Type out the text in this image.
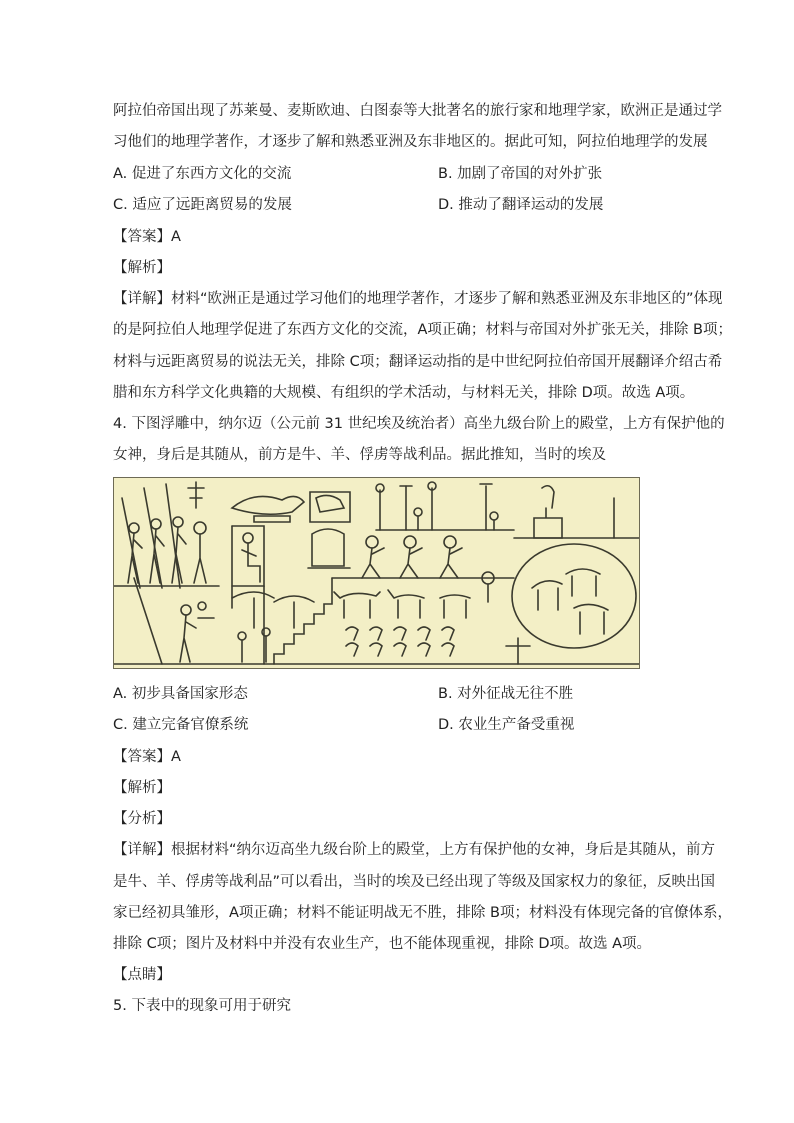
阿拉伯帝国出现了苏莱曼、麦斯欧迪、白图泰等大批著名的旅行家和地理学家，欧洲正是通过学
习他们的地理学著作，才逐步了解和熟悉亚洲及东非地区的。据此可知，阿拉伯地理学的发展
A. 促进了东西方文化的交流	B. 加剧了帝国的对外扩张
C. 适应了远距离贸易的发展	D. 推动了翻译运动的发展
【答案】A
【解析】
【详解】材料“欧洲正是通过学习他们的地理学著作，才逐步了解和熟悉亚洲及东非地区的”体现
的是阿拉伯人地理学促进了东西方文化的交流，A项正确；材料与帝国对外扩张无关，排除 B项；
材料与远距离贸易的说法无关，排除 C项；翻译运动指的是中世纪阿拉伯帝国开展翻译介绍古希
腊和东方科学文化典籍的大规模、有组织的学术活动，与材料无关，排除 D项。故选 A项。
4. 下图浮雕中，纳尔迈（公元前 31 世纪埃及统治者）高坐九级台阶上的殿堂，上方有保护他的
女神，身后是其随从，前方是牛、羊、俘虏等战利品。据此推知，当时的埃及
A. 初步具备国家形态	B. 对外征战无往不胜
C. 建立完备官僚系统	D. 农业生产备受重视
【答案】A
【解析】
【分析】
【详解】根据材料“纳尔迈高坐九级台阶上的殿堂，上方有保护他的女神，身后是其随从，前方
是牛、羊、俘虏等战利品”可以看出，当时的埃及已经出现了等级及国家权力的象征，反映出国
家已经初具雏形，A项正确；材料不能证明战无不胜，排除 B项；材料没有体现完备的官僚体系，
排除 C项；图片及材料中并没有农业生产，也不能体现重视，排除 D项。故选 A项。
【点睛】
5. 下表中的现象可用于研究
